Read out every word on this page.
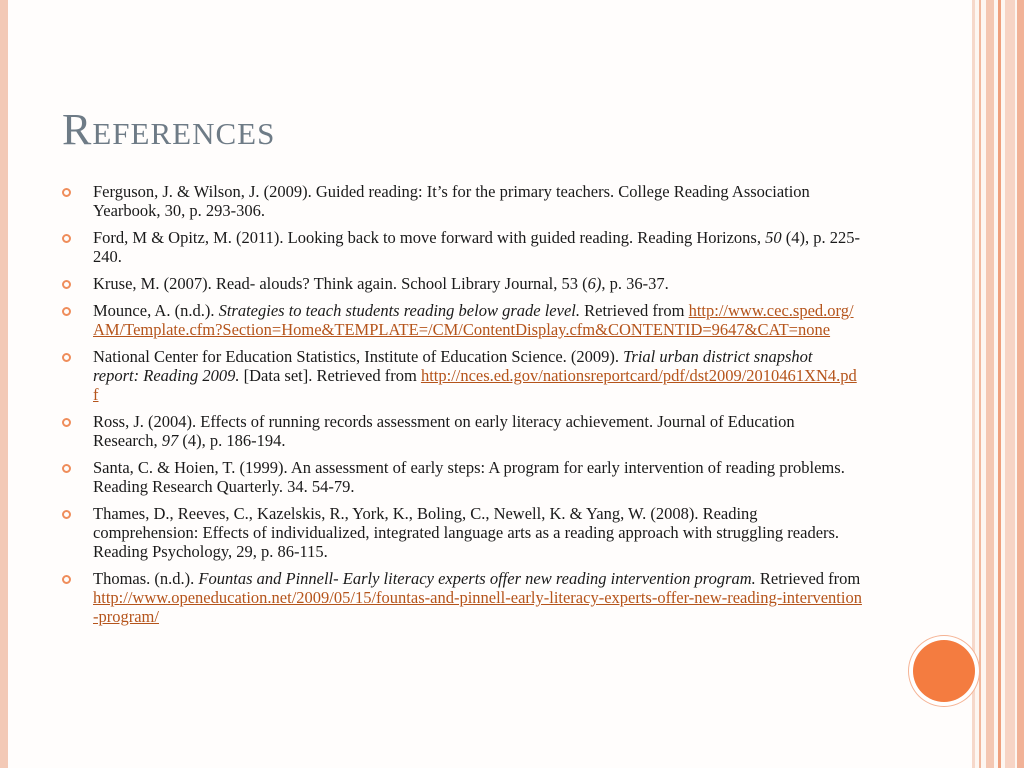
References
Ferguson, J. & Wilson, J. (2009). Guided reading: It’s for the primary teachers. College Reading Association Yearbook, 30, p. 293-306.
Ford, M & Opitz, M. (2011). Looking back to move forward with guided reading. Reading Horizons, 50 (4), p. 225-240.
Kruse, M. (2007). Read- alouds? Think again. School Library Journal, 53 (6), p. 36-37.
Mounce, A. (n.d.). Strategies to teach students reading below grade level. Retrieved from http://www.cec.sped.org/AM/Template.cfm?Section=Home&TEMPLATE=/CM/ContentDisplay.cfm&CONTENTID=9647&CAT=none
National Center for Education Statistics, Institute of Education Science. (2009). Trial urban district snapshot report: Reading 2009. [Data set]. Retrieved from http://nces.ed.gov/nationsreportcard/pdf/dst2009/2010461XN4.pdf
Ross, J. (2004). Effects of running records assessment on early literacy achievement. Journal of Education Research, 97 (4), p. 186-194.
Santa, C. & Hoien, T. (1999). An assessment of early steps: A program for early intervention of reading problems. Reading Research Quarterly. 34. 54-79.
Thames, D., Reeves, C., Kazelskis, R., York, K., Boling, C., Newell, K. & Yang, W. (2008). Reading comprehension: Effects of individualized, integrated language arts as a reading approach with struggling readers. Reading Psychology, 29, p. 86-115.
Thomas. (n.d.). Fountas and Pinnell- Early literacy experts offer new reading intervention program. Retrieved from http://www.openeducation.net/2009/05/15/fountas-and-pinnell-early-literacy-experts-offer-new-reading-intervention-program/
